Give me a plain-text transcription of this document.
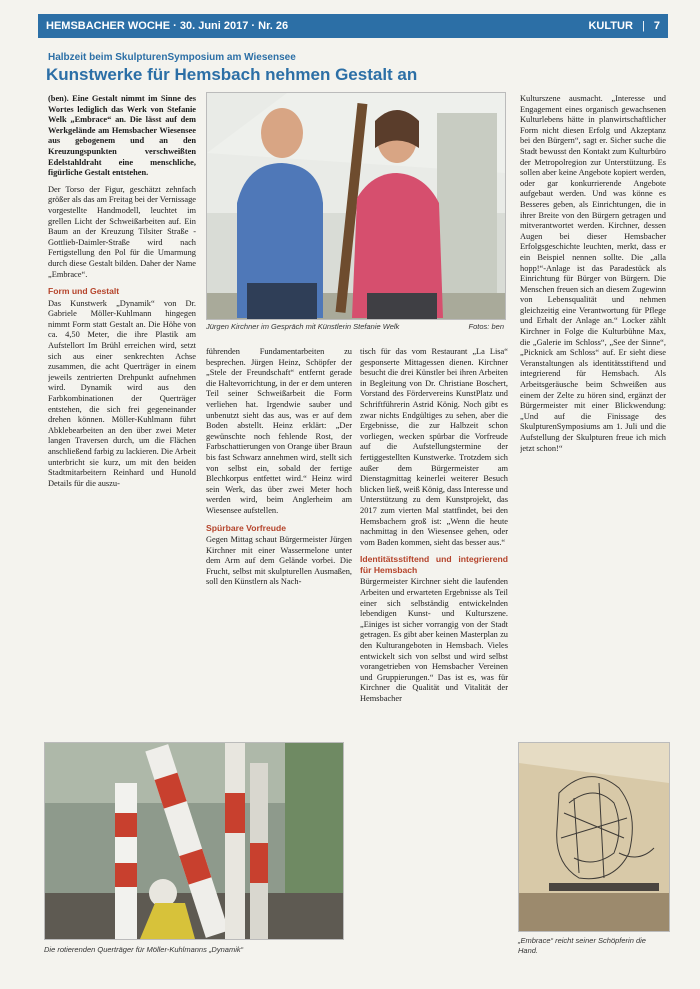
HEMSBACHER WOCHE · 30. Juni 2017 · Nr. 26	KULTUR | 7
Halbzeit beim SkulpturenSymposium am Wiesensee
Kunstwerke für Hemsbach nehmen Gestalt an

(ben). Eine Gestalt nimmt im Sinne des Wortes lediglich das Werk von Stefanie Welk „Embrace“ an. Die lässt auf dem Werkgelände am Hemsbacher Wiesensee aus gebogenem und an den Kreuzungspunkten verschweißten Edelstahldraht eine menschliche, figürliche Gestalt entstehen.

Der Torso der Figur, geschätzt zehnfach größer als das am Freitag bei der Vernissage vorgestellte Handmodell, leuchtet im grellen Licht der Schweißarbeiten auf. Ein Baum an der Kreuzung Tilsiter Straße - Gottlieb-Daimler-Straße wird nach Fertigstellung den Pol für die Umarmung durch diese Gestalt bilden. Daher der Name „Embrace“.

Form und Gestalt

Das Kunstwerk „Dynamik“ von Dr. Gabriele Möller-Kuhlmann hingegen nimmt Form statt Gestalt an. Die Höhe von ca. 4,50 Meter, die ihre Plastik am Aufstellort Im Brühl erreichen wird, setzt sich aus einer senkrechten Achse zusammen, die acht Querträger in einem jeweils zentrierten Drehpunkt aufnehmen wird. Dynamik wird aus den Farbkombinationen der Querträger entstehen, die sich frei gegeneinander drehen können. Möller-Kuhlmann führt Abklebearbeiten an den über zwei Meter langen Traversen durch, um die Flächen anschließend farbig zu lackieren. Die Arbeit unterbricht sie kurz, um mit den beiden Stadtmitarbeitern Reinhard und Hunold Details für die auszu-

Jürgen Kirchner im Gespräch mit Künstlerin Stefanie Welk	Fotos: ben

führenden Fundamentarbeiten zu besprechen. Jürgen Heinz, Schöpfer der „Stele der Freundschaft“ entfernt gerade die Haltevorrichtung, in der er dem unteren Teil seiner Schweißarbeit die Form verliehen hat. Irgendwie sauber und unbenutzt sieht das aus, was er auf dem Boden abstellt. Heinz erklärt: „Der gewünschte noch fehlende Rost, der Farbschattierungen von Orange über Braun bis fast Schwarz annehmen wird, stellt sich von selbst ein, sobald der fertige Blechkorpus entfettet wird.“ Heinz wird sein Werk, das über zwei Meter hoch werden wird, beim Anglerheim am Wiesensee aufstellen.

Spürbare Vorfreude

Gegen Mittag schaut Bürgermeister Jürgen Kirchner mit einer Wassermelone unter dem Arm auf dem Gelände vorbei. Die Frucht, selbst mit skulpturellen Ausmaßen, soll den Künstlern als Nach-

tisch für das vom Restaurant „La Lisa“ gesponserte Mittagessen dienen. Kirchner besucht die drei Künstler bei ihren Arbeiten in Begleitung von Dr. Christiane Boschert, Vorstand des Fördervereins KunstPlatz und Schriftführerin Astrid König. Noch gibt es zwar nichts Endgültiges zu sehen, aber die Ergebnisse, die zur Halbzeit schon vorliegen, wecken spürbar die Vorfreude auf die Aufstellungstermine der fertiggestellten Kunstwerke. Trotzdem sich außer dem Bürgermeister am Dienstagmittag keinerlei weiterer Besuch blicken ließ, weiß König, dass Interesse und Unterstützung zu dem Kunstprojekt, das 2017 zum vierten Mal stattfindet, bei den Hemsbachern groß ist: „Wenn die heute nachmittag in den Wiesensee gehen, oder vom Baden kommen, sieht das besser aus.“

Identitätsstiftend und integrierend für Hemsbach

Bürgermeister Kirchner sieht die laufenden Arbeiten und erwarteten Ergebnisse als Teil einer sich selbständig entwickelnden lebendigen Kunst- und Kulturszene. „Einiges ist sicher vorrangig von der Stadt getragen. Es gibt aber keinen Masterplan zu den Kulturangeboten in Hemsbach. Vieles entwickelt sich von selbst und wird selbst vorangetrieben von Hemsbacher Vereinen und Gruppierungen.“ Das ist es, was für Kirchner die Qualität und Vitalität der Hemsbacher

Kulturszene ausmacht. „Interesse und Engagement eines organisch gewachsenen Kulturlebens hätte in planwirtschaftlicher Form nicht diesen Erfolg und Akzeptanz bei den Bürgern“, sagt er. Sicher suche die Stadt bewusst den Kontakt zum Kulturbüro der Metropolregion zur Unterstützung. Es sollen aber keine Angebote kopiert werden, oder gar konkurrierende Angebote aufgebaut werden. Und was könne es Besseres geben, als Einrichtungen, die in ihrer Breite von den Bürgern getragen und mitverantwortet werden. Kirchner, dessen Augen bei dieser Hemsbacher Erfolgsgeschichte leuchten, merkt, dass er ein Beispiel nennen sollte. Die „alla hopp!“-Anlage ist das Paradestück als Einrichtung für Bürger von Bürgern. Die Menschen freuen sich an diesem Zugewinn von Lebensqualität und nehmen gleichzeitig eine Verantwortung für Pflege und Erhalt der Anlage an.“ Locker zählt Kirchner in Folge die Kulturbühne Max, die „Galerie im Schloss“, „See der Sinne“, „Picknick am Schloss“ auf. Er sieht diese Veranstaltungen als identitätsstiftend und integrierend für Hemsbach. Als Arbeitsgeräusche beim Schweißen aus einem der Zelte zu hören sind, ergänzt der Bürgermeister mit einer Blickwendung: „Und auf die Finissage des SkulpturenSymposiums am 1. Juli und die Aufstellung der Skulpturen freue ich mich jetzt schon!“

Die rotierenden Querträger für Möller-Kuhlmanns „Dynamik“
„Embrace“ reicht seiner Schöpferin die Hand.
